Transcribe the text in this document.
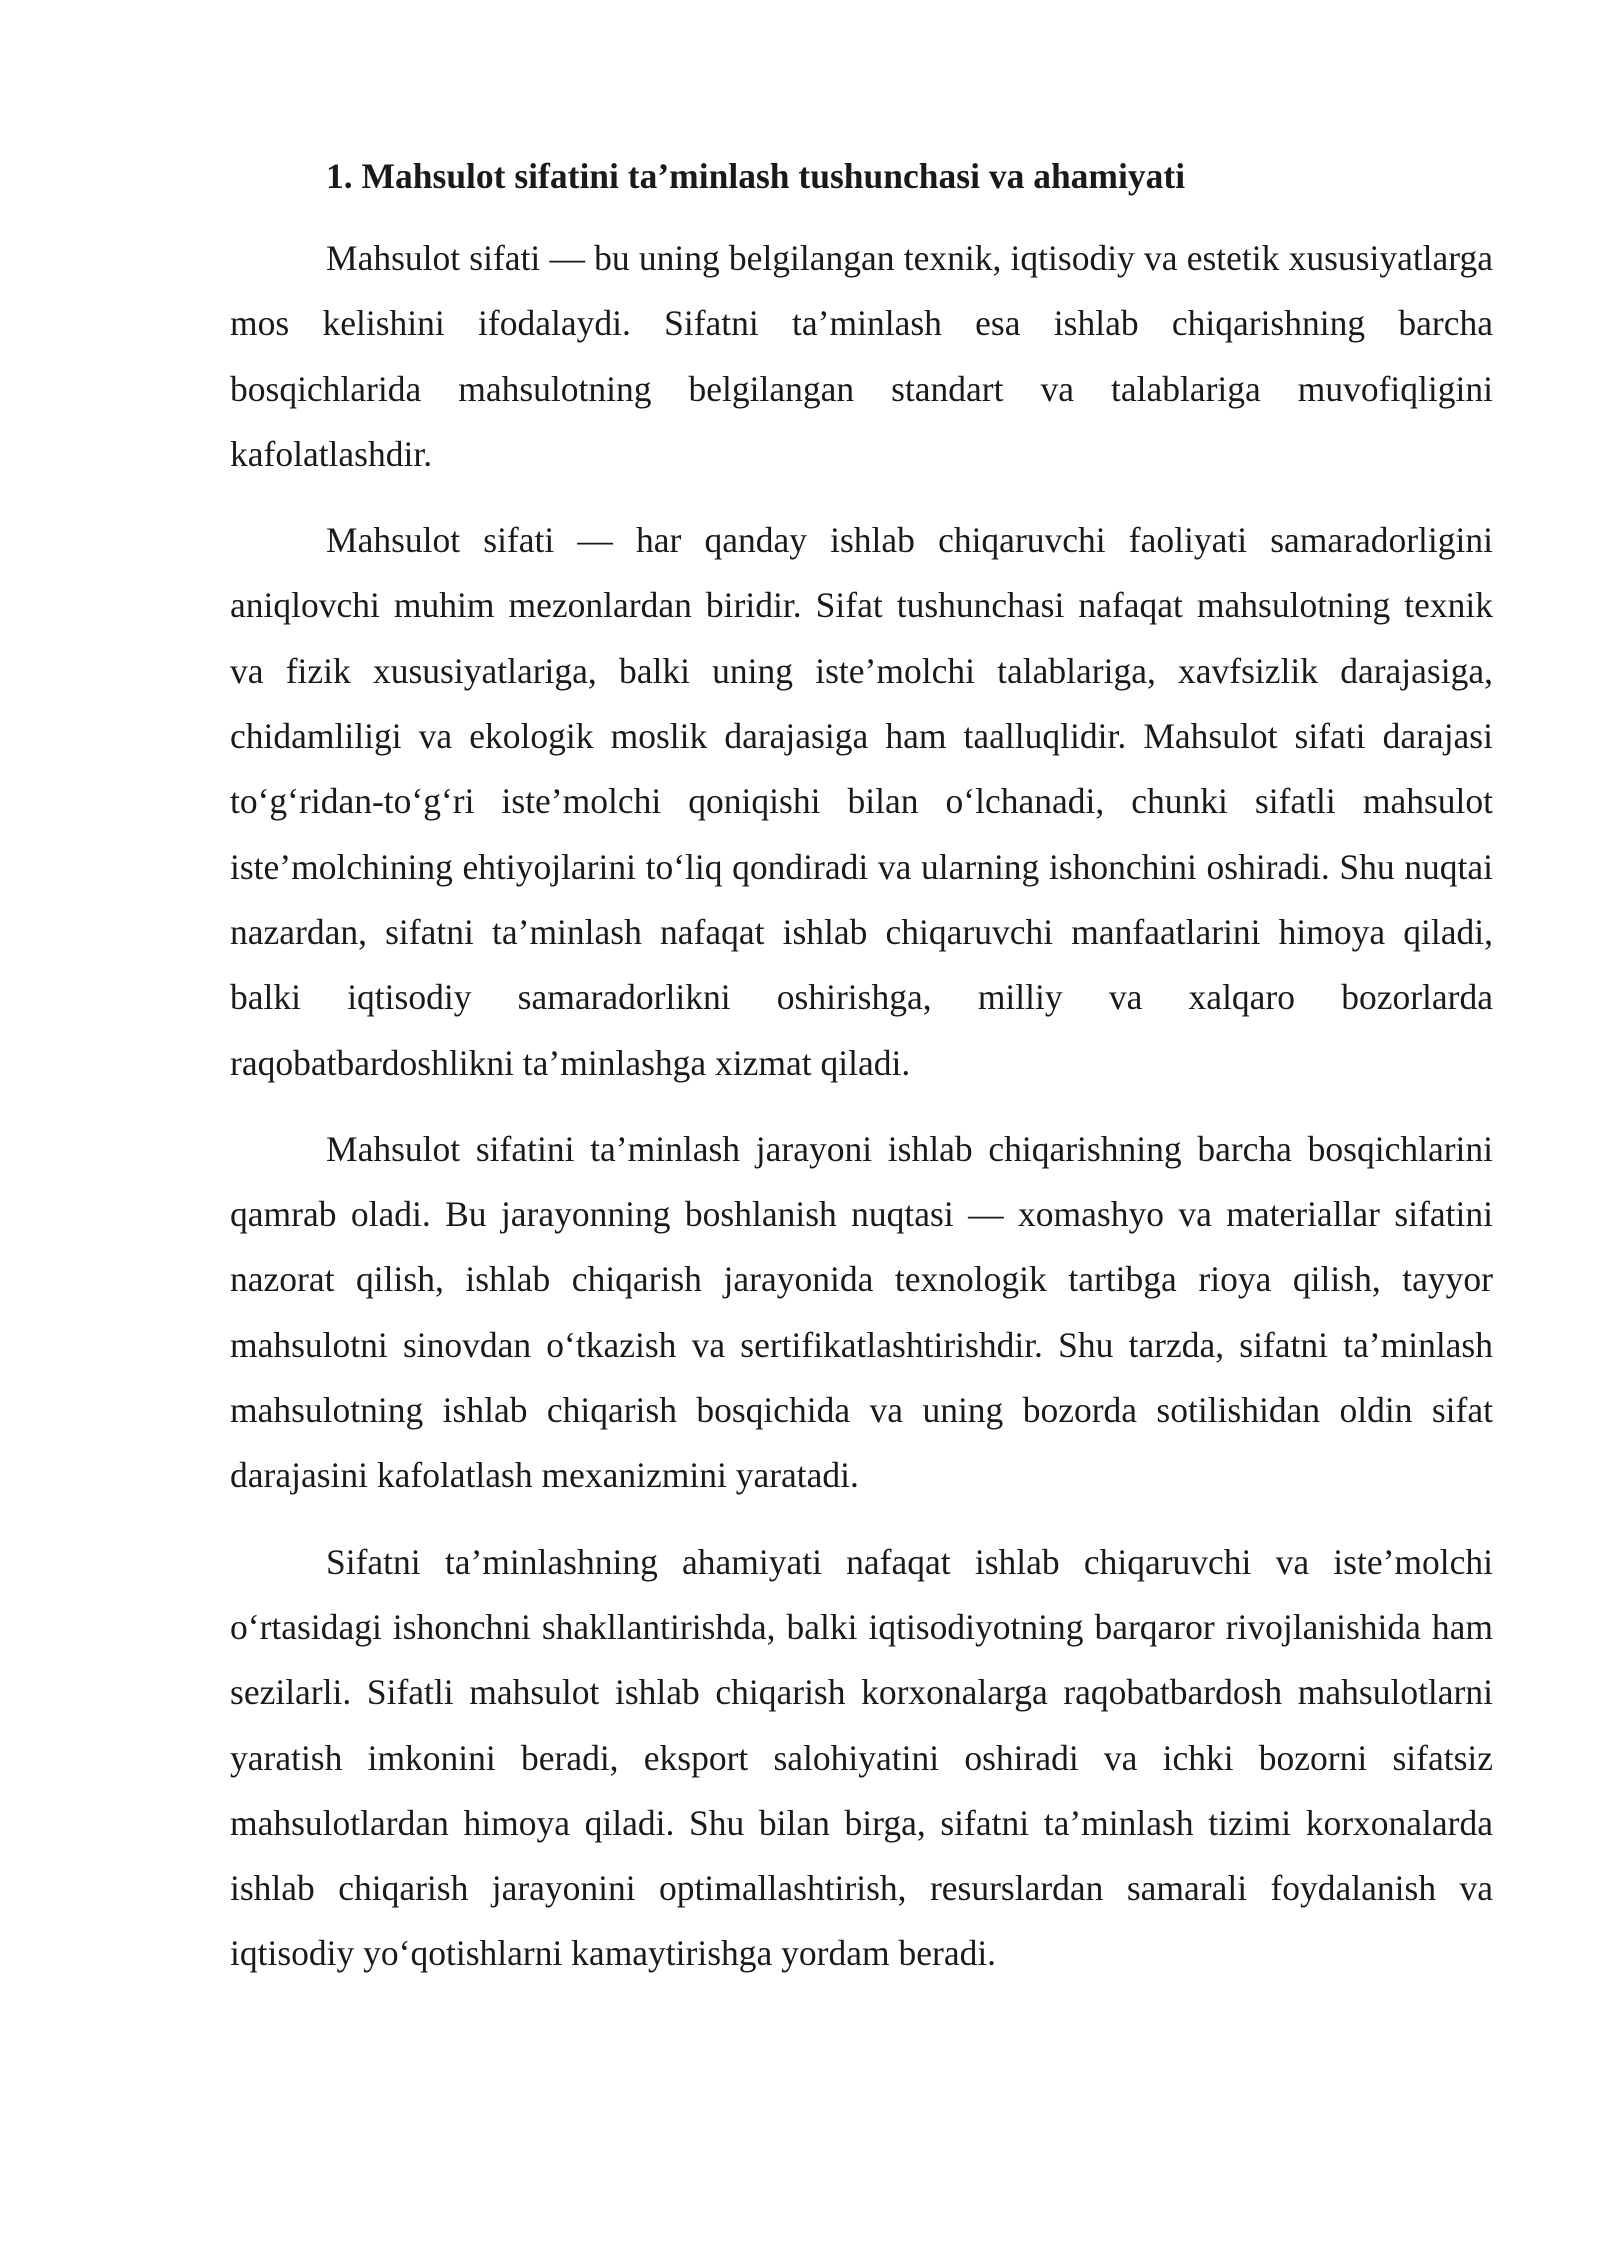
1. Mahsulot sifatini ta’minlash tushunchasi va ahamiyati

Mahsulot sifati — bu uning belgilangan texnik, iqtisodiy va estetik xususiyatlarga mos kelishini ifodalaydi. Sifatni ta’minlash esa ishlab chiqarishning barcha bosqichlarida mahsulotning belgilangan standart va talablariga muvofiqligini kafolatlashdir.

Mahsulot sifati — har qanday ishlab chiqaruvchi faoliyati samaradorligini aniqlovchi muhim mezonlardan biridir. Sifat tushunchasi nafaqat mahsulotning texnik va fizik xususiyatlariga, balki uning iste’molchi talablariga, xavfsizlik darajasiga, chidamliligi va ekologik moslik darajasiga ham taalluqlidir. Mahsulot sifati darajasi to‘g‘ridan-to‘g‘ri iste’molchi qoniqishi bilan o‘lchanadi, chunki sifatli mahsulot iste’molchining ehtiyojlarini to‘liq qondiradi va ularning ishonchini oshiradi. Shu nuqtai nazardan, sifatni ta’minlash nafaqat ishlab chiqaruvchi manfaatlarini himoya qiladi, balki iqtisodiy samaradorlikni oshirishga, milliy va xalqaro bozorlarda raqobatbardoshlikni ta’minlashga xizmat qiladi.

Mahsulot sifatini ta’minlash jarayoni ishlab chiqarishning barcha bosqichlarini qamrab oladi. Bu jarayonning boshlanish nuqtasi — xomashyo va materiallar sifatini nazorat qilish, ishlab chiqarish jarayonida texnologik tartibga rioya qilish, tayyor mahsulotni sinovdan o‘tkazish va sertifikatlashtirishdir. Shu tarzda, sifatni ta’minlash mahsulotning ishlab chiqarish bosqichida va uning bozorda sotilishidan oldin sifat darajasini kafolatlash mexanizmini yaratadi.

Sifatni ta’minlashning ahamiyati nafaqat ishlab chiqaruvchi va iste’molchi o‘rtasidagi ishonchni shakllantirishda, balki iqtisodiyotning barqaror rivojlanishida ham sezilarli. Sifatli mahsulot ishlab chiqarish korxonalarga raqobatbardosh mahsulotlarni yaratish imkonini beradi, eksport salohiyatini oshiradi va ichki bozorni sifatsiz mahsulotlardan himoya qiladi. Shu bilan birga, sifatni ta’minlash tizimi korxonalarda ishlab chiqarish jarayonini optimallashtirish, resurslardan samarali foydalanish va iqtisodiy yo‘qotishlarni kamaytirishga yordam beradi.
